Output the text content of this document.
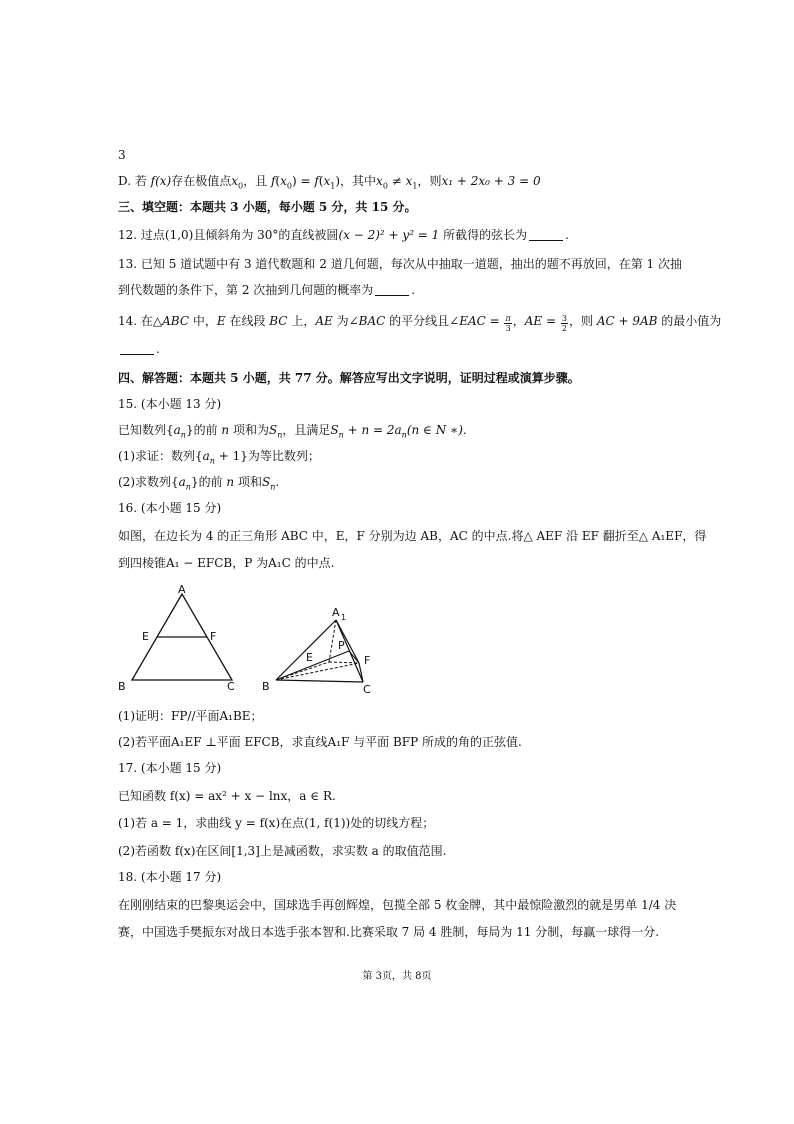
3
D. 若 f(x)存在极值点$x_0$，且 $f(x_0) = f(x_1)$，其中$x_0 \ne x_1$，则x₁ + 2x₀ + 3 = 0
三、填空题：本题共 3 小题，每小题 5 分，共 15 分。
12. 过点(1,0)且倾斜角为 30°的直线被圆(x − 2)² + y² = 1 所截得的弦长为	.
13. 已知 5 道试题中有 3 道代数题和 2 道几何题，每次从中抽取一道题，抽出的题不再放回，在第 1 次抽
到代数题的条件下，第 2 次抽到几何题的概率为	.
14. 在△ABC 中，E 在线段 BC 上，AE 为∠BAC 的平分线且∠EAC = $\frac{\pi}{3}$ ，AE = $\frac{3}{2}$ ，则 AC + 9AB 的最小值为
.
四、解答题：本题共 5 小题，共 77 分。解答应写出文字说明，证明过程或演算步骤。
15. (本小题 13 分)
已知数列$\{a_n\}$的前 n 项和为$S_n$，且满足$S_n + n = 2a_n(n$ ∈ N ∗).
(1)求证：数列$\{a_n + 1\}$为等比数列；
(2)求数列$\{a_n\}$的前 n 项和$S_n$.
16. (本小题 15 分)
如图，在边长为 4 的正三角形 ABC 中，E，F 分别为边 AB，AC 的中点.将△ AEF 沿 EF 翻折至△ A₁EF，得
到四棱锥A₁ − EFCB，P 为A₁C 的中点.
A
E	F
B	C
A 1
E
P
F
B	C
(1)证明：FP//平面A₁BE；
(2)若平面A₁EF ⊥平面 EFCB，求直线A₁F 与平面 BFP 所成的角的正弦值.
17. (本小题 15 分)
已知函数 f(x) = ax² + x − lnx，a ∈ R.
(1)若 a = 1，求曲线 y = f(x)在点(1, f(1))处的切线方程；
(2)若函数 f(x)在区间[1,3]上是减函数，求实数 a 的取值范围.
18. (本小题 17 分)
在刚刚结束的巴黎奥运会中，国球选手再创辉煌，包揽全部 5 枚金牌，其中最惊险激烈的就是男单 1/4 决
赛，中国选手樊振东对战日本选手张本智和.比赛采取 7 局 4 胜制，每局为 11 分制，每赢一球得一分.
第 3页，共 8页
